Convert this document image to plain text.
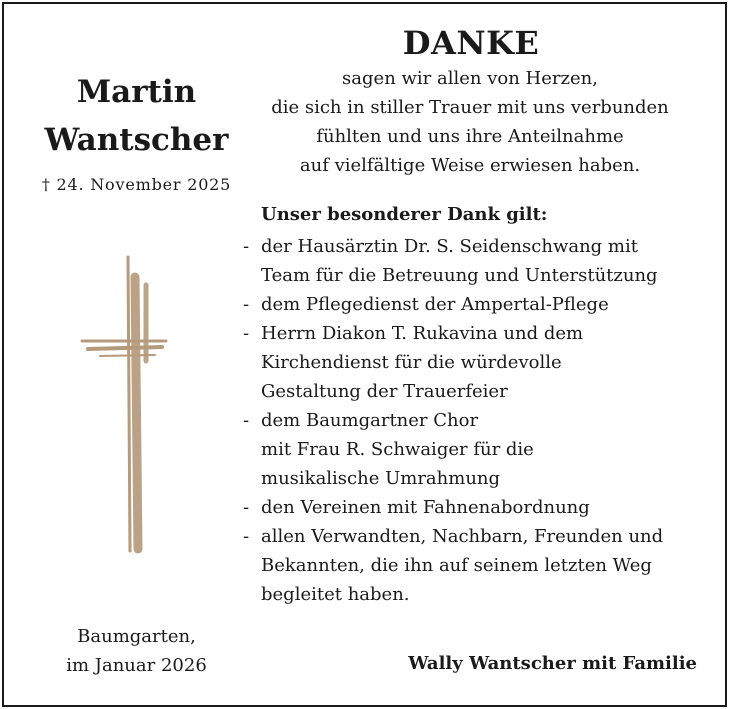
Martin
Wantscher
† 24. November 2025
Baumgarten,
im Januar 2026
DANKE
sagen wir allen von Herzen,
die sich in stiller Trauer mit uns verbunden
fühlten und uns ihre Anteilnahme
auf vielfältige Weise erwiesen haben.
Unser besonderer Dank gilt:
- der Hausärztin Dr. S. Seidenschwang mit
Team für die Betreuung und Unterstützung
- dem Pflegedienst der Ampertal-Pflege
- Herrn Diakon T. Rukavina und dem
Kirchendienst für die würdevolle
Gestaltung der Trauerfeier
- dem Baumgartner Chor
mit Frau R. Schwaiger für die
musikalische Umrahmung
- den Vereinen mit Fahnenabordnung
- allen Verwandten, Nachbarn, Freunden und
Bekannten, die ihn auf seinem letzten Weg
begleitet haben.
Wally Wantscher mit Familie
